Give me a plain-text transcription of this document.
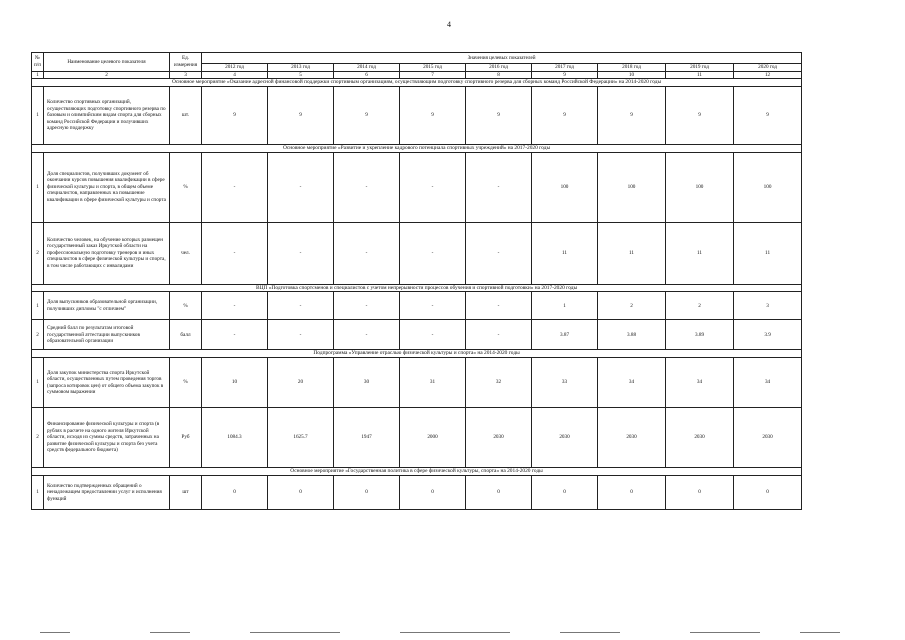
4
№ п/п	Наименование целевого показателя	Ед. измерения	Значения целевых показателей								
			2012 год	2013 год	2014 год	2015 год	2016 год	2017 год	2018 год	2019 год	2020 год
1	2	3	4	5	6	7	8	9	10	11	12
Основное мероприятие «Оказание адресной финансовой поддержки спортивным организациям, осуществляющим подготовку спортивного резерва для сборных команд Российской Федерации» на 2014-2020 годы											
1	Количество спортивных организаций, осуществляющих подготовку спортивного резерва по базовым и олимпийским видам спорта для сборных команд Российской Федерации и получивших адресную поддержку	шт.	9	9	9	9	9	9	9	9	9
Основное мероприятие «Развитие и укрепление кадрового потенциала спортивных учреждений» на 2017-2020 годы											
1	Доля специалистов, получивших документ об окончании курсов повышения квалификации в сфере физической культуры и спорта, в общем объеме специалистов, направленных на повышение квалификации в сфере физической культуры и спорта	%	-	-	-	-	-	100	100	100	100
2	Количество человек, на обучение которых размещен государственный заказ Иркутской области на профессиональную подготовку тренеров и иных специалистов в сфере физической культуры и спорта, в том числе работающих с инвалидами	чел.	-	-	-	-	-	11	11	11	11
ВЦП «Подготовка спортсменов и специалистов с учетом непрерывности процессов обучения и спортивной подготовки» на 2017-2020 годы											
1	Доля выпускников образовательной организации, получивших дипломы "с отличием"	%	-	-	-	-	-	1	2	2	3
2	Средний балл по результатам итоговой государственной аттестации выпускников образовательной организации	балл	-	-	-	-	-	3.87	3.88	3.89	3.9
Подпрограмма «Управление отраслью физической культуры и спорта» на 2014-2020 годы											
1	Доля закупок министерства спорта Иркутской области, осуществленных путем проведения торгов (запроса котировок цен) от общего объема закупок в суммовом выражении	%	10	20	30	31	32	33	34	34	34
2	Финансирование физической культуры и спорта (в рублях в расчете на одного жителя Иркутской области, исходя из суммы средств, затраченных на развитие физической культуры и спорта без учета средств федерального бюджета)	Руб	1084.3	1625.7	1947	2000	2030	2030	2030	2030	2030
Основное мероприятие «Государственная политика в сфере физической культуры, спорта» на 2014-2020 годы											
1	Количество подтвержденных обращений о ненадлежащем предоставлении услуг и исполнения функций	шт	0	0	0	0	0	0	0	0	0
